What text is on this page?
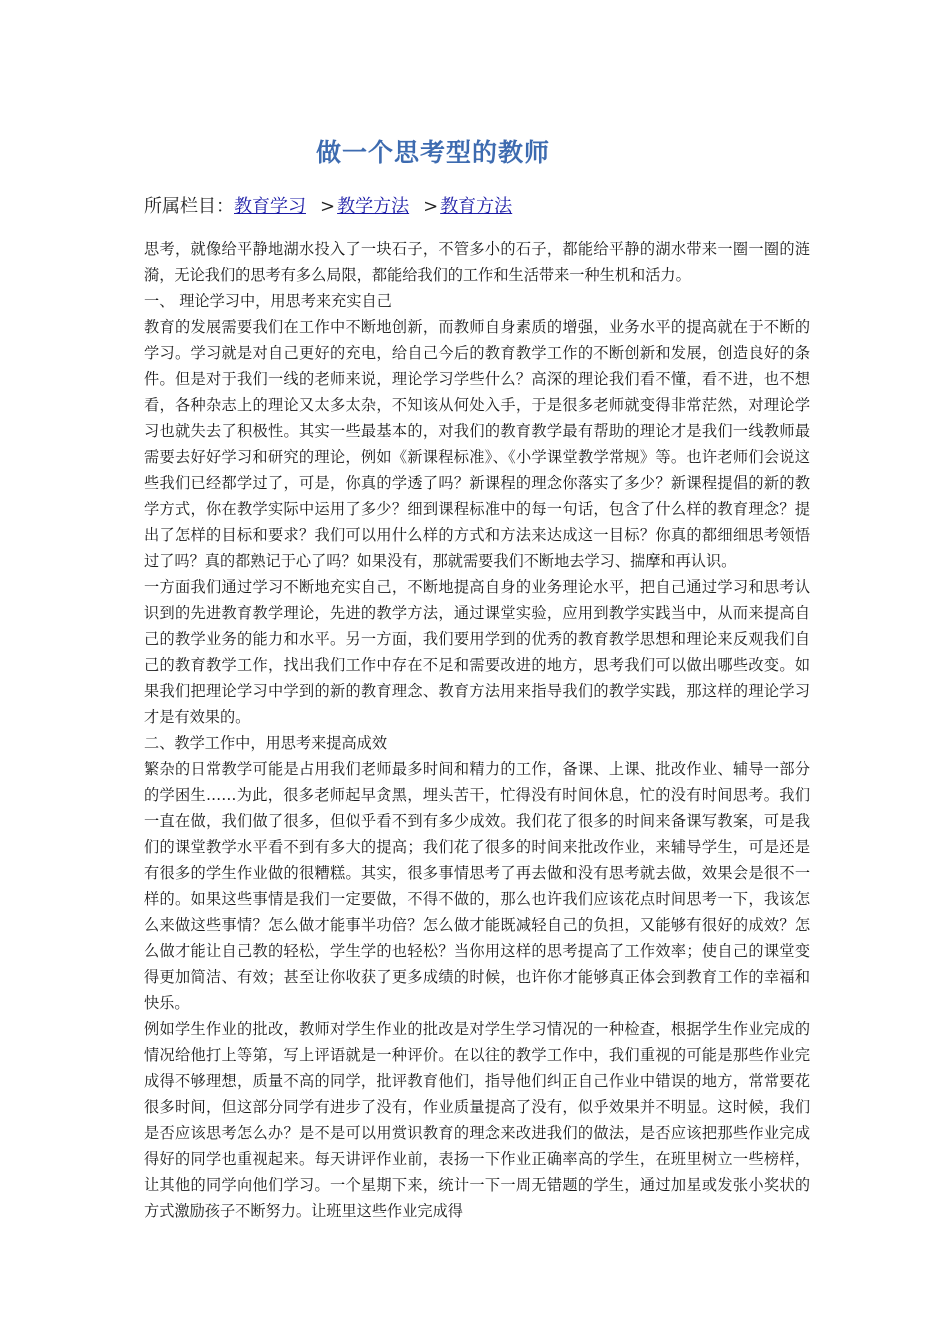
做一个思考型的教师
所属栏目：教育学习 > 教学方法 > 教育方法

思考，就像给平静地湖水投入了一块石子，不管多小的石子，都能给平静的湖水带来一圈一圈的涟漪，无论我们的思考有多么局限，都能给我们的工作和生活带来一种生机和活力。

一、 理论学习中，用思考来充实自己

教育的发展需要我们在工作中不断地创新，而教师自身素质的增强，业务水平的提高就在于不断的学习。学习就是对自己更好的充电，给自己今后的教育教学工作的不断创新和发展，创造良好的条件。但是对于我们一线的老师来说，理论学习学些什么？高深的理论我们看不懂，看不进，也不想看，各种杂志上的理论又太多太杂，不知该从何处入手，于是很多老师就变得非常茫然，对理论学习也就失去了积极性。其实一些最基本的，对我们的教育教学最有帮助的理论才是我们一线教师最需要去好好学习和研究的理论，例如《新课程标准》、《小学课堂教学常规》等。也许老师们会说这些我们已经都学过了，可是，你真的学透了吗？新课程的理念你落实了多少？新课程提倡的新的教学方式，你在教学实际中运用了多少？细到课程标准中的每一句话，包含了什么样的教育理念？提出了怎样的目标和要求？我们可以用什么样的方式和方法来达成这一目标？你真的都细细思考领悟过了吗？真的都熟记于心了吗？如果没有，那就需要我们不断地去学习、揣摩和再认识。

一方面我们通过学习不断地充实自己，不断地提高自身的业务理论水平，把自己通过学习和思考认识到的先进教育教学理论，先进的教学方法，通过课堂实验，应用到教学实践当中，从而来提高自己的教学业务的能力和水平。另一方面，我们要用学到的优秀的教育教学思想和理论来反观我们自己的教育教学工作，找出我们工作中存在不足和需要改进的地方，思考我们可以做出哪些改变。如果我们把理论学习中学到的新的教育理念、教育方法用来指导我们的教学实践，那这样的理论学习才是有效果的。

二、教学工作中，用思考来提高成效

繁杂的日常教学可能是占用我们老师最多时间和精力的工作，备课、上课、批改作业、辅导一部分的学困生……为此，很多老师起早贪黑，埋头苦干，忙得没有时间休息，忙的没有时间思考。我们一直在做，我们做了很多，但似乎看不到有多少成效。我们花了很多的时间来备课写教案，可是我们的课堂教学水平看不到有多大的提高；我们花了很多的时间来批改作业，来辅导学生，可是还是有很多的学生作业做的很糟糕。其实，很多事情思考了再去做和没有思考就去做，效果会是很不一样的。如果这些事情是我们一定要做，不得不做的，那么也许我们应该花点时间思考一下，我该怎么来做这些事情？怎么做才能事半功倍？怎么做才能既减轻自己的负担，又能够有很好的成效？怎么做才能让自己教的轻松，学生学的也轻松？当你用这样的思考提高了工作效率；使自己的课堂变得更加简洁、有效；甚至让你收获了更多成绩的时候，也许你才能够真正体会到教育工作的幸福和快乐。

例如学生作业的批改，教师对学生作业的批改是对学生学习情况的一种检查，根据学生作业完成的情况给他打上等第，写上评语就是一种评价。在以往的教学工作中，我们重视的可能是那些作业完成得不够理想，质量不高的同学，批评教育他们，指导他们纠正自己作业中错误的地方，常常要花很多时间，但这部分同学有进步了没有，作业质量提高了没有，似乎效果并不明显。这时候，我们是否应该思考怎么办？是不是可以用赏识教育的理念来改进我们的做法，是否应该把那些作业完成得好的同学也重视起来。每天讲评作业前，表扬一下作业正确率高的学生，在班里树立一些榜样，让其他的同学向他们学习。一个星期下来，统计一下一周无错题的学生，通过加星或发张小奖状的方式激励孩子不断努力。让班里这些作业完成得
